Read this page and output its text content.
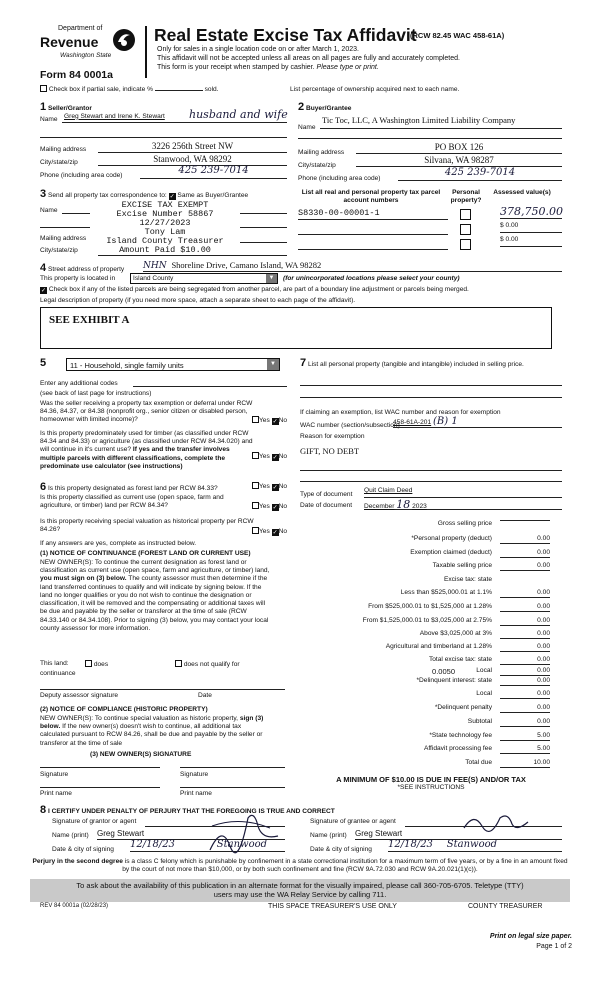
Department of
Revenue
Washington State
Form 84 0001a
Real Estate Excise Tax Affidavit
(RCW 82.45 WAC 458-61A)
Only for sales in a single location code on or after March 1, 2023.
This affidavit will not be accepted unless all areas on all pages are fully and accurately completed.
This form is your receipt when stamped by cashier. Please type or print.
Check box if partial sale, indicate %	sold.	List percentage of ownership acquired next to each name.
1 Seller/Grantor
Name Greg Stewart and Irene K. Stewart husband and wife
Mailing address	3226 256th Street NW
City/state/zip	Stanwood, WA 98292
Phone (including area code)	425 239-7014
2 Buyer/Grantee
Name
Tic Toc, LLC, A Washington Limited Liability Company
Mailing address
PO BOX 126
City/state/zip
Silvana, WA 98287
Phone (including area code)
425 239-7014
3 Send all property tax correspondence to: ✓ Same as Buyer/Grantee
Name
Mailing address
City/state/zip
EXCISE TAX EXEMPT
Excise Number 58867
12/27/2023
Tony Lam
Island County Treasurer
Amount Paid $10.00
List all real and personal property tax parcel account numbers
Personal property?
Assessed value(s)
S8330-00-00001-1	378,750.00
$ 0.00
$ 0.00
4 Street address of property NHN Shoreline Drive, Camano Island, WA 98282
This property is located in	Island County	▼	(for unincorporated locations please select your county)
✓ Check box if any of the listed parcels are being segregated from another parcel, are part of a boundary line adjustment or parcels being merged.
Legal description of property (if you need more space, attach a separate sheet to each page of the affidavit).
SEE EXHIBIT A
5	11 - Household, single family units	▼
Enter any additional codes
(see back of last page for instructions)
Was the seller receiving a property tax exemption or deferral under RCW 84.36, 84.37, or 84.38 (nonprofit org., senior citizen or disabled person, homeowner with limited income)?	Yes ✓No
Is this property predominately used for timber (as classified under RCW 84.34 and 84.33) or agriculture (as classified under RCW 84.34.020) and will continue in it's current use? If yes and the transfer involves multiple parcels with different classifications, complete the predominate use calculator (see instructions)
Yes ✓No
7 List all personal property (tangible and intangible) included in selling price.
If claiming an exemption, list WAC number and reason for exemption
WAC number (section/subsection)
458-61A-201 (B) 1
Reason for exemption
GIFT, NO DEBT
Type of document
Quit Claim Deed
Date of document December 18 2023
6 Is this property designated as forest land per RCW 84.33?	Yes ✓No
Is this property classified as current use (open space, farm and agriculture, or timber) land per RCW 84.34?	Yes ✓No
Is this property receiving special valuation as historical property per RCW 84.26?	Yes ✓No
If any answers are yes, complete as instructed below.
(1) NOTICE OF CONTINUANCE (FOREST LAND OR CURRENT USE)
NEW OWNER(S): To continue the current designation as forest land or classification as current use (open space, farm and agriculture, or timber) land, you must sign on (3) below. The county assessor must then determine if the land transferred continues to qualify and will indicate by signing below. If the land no longer qualifies or you do not wish to continue the designation or classification, it will be removed and the compensating or additional taxes will be due and payable by the seller or transferor at the time of sale (RCW 84.33.140 or 84.34.108). Prior to signing (3) below, you may contact your local county assessor for more information.
This land:	does	does not qualify for
continuance
Deputy assessor signature	Date
(2) NOTICE OF COMPLIANCE (HISTORIC PROPERTY)
NEW OWNER(S): To continue special valuation as historic property, sign (3) below. If the new owner(s) doesn't wish to continue, all additional tax calculated pursuant to RCW 84.26, shall be due and payable by the seller or transferor at the time of sale
(3) NEW OWNER(S) SIGNATURE
Signature	Signature
Print name	Print name
Gross selling price
*Personal property (deduct)	0.00
Exemption claimed (deduct)	0.00
Taxable selling price	0.00
Excise tax: state
Less than $525,000.01 at 1.1%	0.00
From $525,000.01 to $1,525,000 at 1.28%	0.00
From $1,525,000.01 to $3,025,000 at 2.75%	0.00
Above $3,025,000 at 3%	0.00
Agricultural and timberland at 1.28%	0.00
Total excise tax: state	0.00
0.0050	Local	0.00
*Delinquent interest: state	0.00
Local	0.00
*Delinquent penalty	0.00
Subtotal	0.00
*State technology fee	5.00
Affidavit processing fee	5.00
Total due	10.00
A MINIMUM OF $10.00 IS DUE IN FEE(S) AND/OR TAX
*SEE INSTRUCTIONS
8 I CERTIFY UNDER PENALTY OF PERJURY THAT THE FOREGOING IS TRUE AND CORRECT
Signature of grantor or agent
Name (print) Greg Stewart
Date & city of signing 12/18/23	Stanwood
Signature of grantee or agent
Name (print) Greg Stewart
Date & city of signing 12/18/23 Stanwood
Perjury in the second degree is a class C felony which is punishable by confinement in a state correctional institution for a maximum term of five years, or by a fine in an amount fixed by the court of not more than $10,000, or by both such confinement and fine (RCW 9A.72.030 and RCW 9A.20.021(1)(c)).
To ask about the availability of this publication in an alternate format for the visually impaired, please call 360-705-6705. Teletype (TTY) users may use the WA Relay Service by calling 711.
REV 84 0001a (02/28/23)	THIS SPACE TREASURER'S USE ONLY	COUNTY TREASURER
Print on legal size paper.
Page 1 of 2
